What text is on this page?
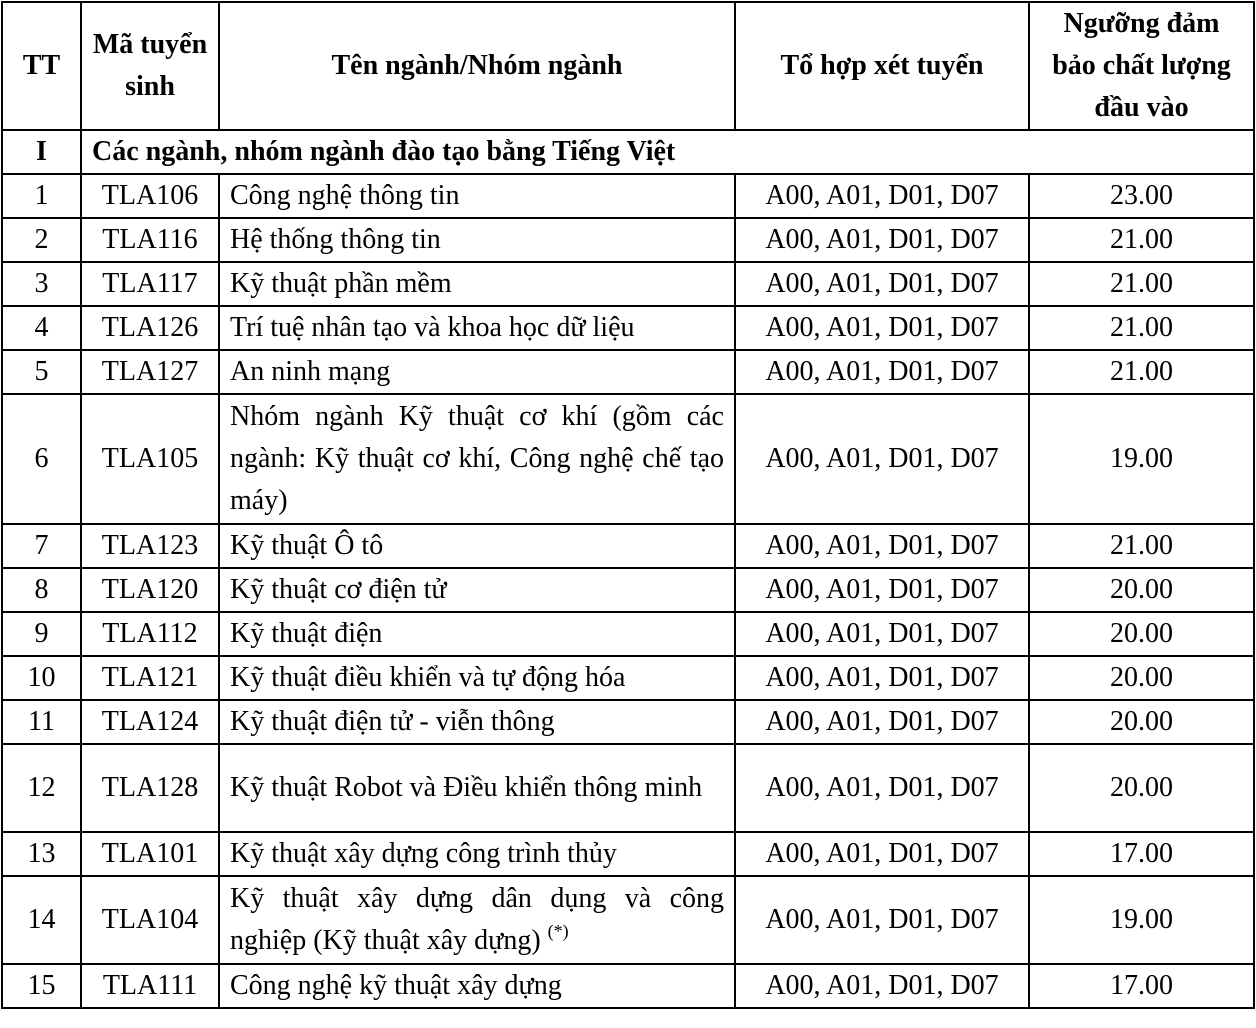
TT	Mã tuyển sinh	Tên ngành/Nhóm ngành	Tổ hợp xét tuyển	Ngưỡng đảm bảo chất lượng đầu vào
I	Các ngành, nhóm ngành đào tạo bằng Tiếng Việt			
1	TLA106	Công nghệ thông tin	A00, A01, D01, D07	23.00
2	TLA116	Hệ thống thông tin	A00, A01, D01, D07	21.00
3	TLA117	Kỹ thuật phần mềm	A00, A01, D01, D07	21.00
4	TLA126	Trí tuệ nhân tạo và khoa học dữ liệu	A00, A01, D01, D07	21.00
5	TLA127	An ninh mạng	A00, A01, D01, D07	21.00
6	TLA105	Nhóm ngành Kỹ thuật cơ khí (gồm các ngành: Kỹ thuật cơ khí, Công nghệ chế tạo máy)	A00, A01, D01, D07	19.00
7	TLA123	Kỹ thuật Ô tô	A00, A01, D01, D07	21.00
8	TLA120	Kỹ thuật cơ điện tử	A00, A01, D01, D07	20.00
9	TLA112	Kỹ thuật điện	A00, A01, D01, D07	20.00
10	TLA121	Kỹ thuật điều khiển và tự động hóa	A00, A01, D01, D07	20.00
11	TLA124	Kỹ thuật điện tử - viễn thông	A00, A01, D01, D07	20.00
12	TLA128	Kỹ thuật Robot và Điều khiển thông minh	A00, A01, D01, D07	20.00
13	TLA101	Kỹ thuật xây dựng công trình thủy	A00, A01, D01, D07	17.00
14	TLA104	Kỹ thuật xây dựng dân dụng và công nghiệp (Kỹ thuật xây dựng) (*)	A00, A01, D01, D07	19.00
15	TLA111	Công nghệ kỹ thuật xây dựng	A00, A01, D01, D07	17.00
